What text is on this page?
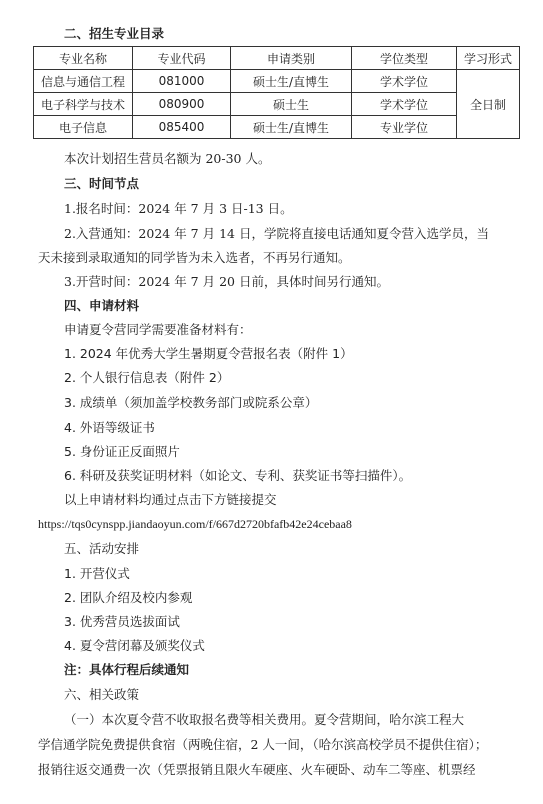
二、招生专业目录
专业名称	专业代码	申请类别	学位类型	学习形式
信息与通信工程	081000	硕士生/直博生	学术学位	全日制
电子科学与技术	080900	硕士生	学术学位	
电子信息	085400	硕士生/直博生	专业学位	
本次计划招生营员名额为 20-30 人。
三、时间节点
1.报名时间：2024 年 7 月 3 日-13 日。
2.入营通知：2024 年 7 月 14 日，学院将直接电话通知夏令营入选学员，当
天未接到录取通知的同学皆为未入选者，不再另行通知。
3.开营时间：2024 年 7 月 20 日前，具体时间另行通知。
四、申请材料
申请夏令营同学需要准备材料有：
1. 2024 年优秀大学生暑期夏令营报名表（附件 1）
2. 个人银行信息表（附件 2）
3. 成绩单（须加盖学校教务部门或院系公章）
4. 外语等级证书
5. 身份证正反面照片
6. 科研及获奖证明材料（如论文、专利、获奖证书等扫描件）。
以上申请材料均通过点击下方链接提交
https://tqs0cynspp.jiandaoyun.com/f/667d2720bfafb42e24cebaa8
五、活动安排
1. 开营仪式
2. 团队介绍及校内参观
3. 优秀营员选拔面试
4. 夏令营闭幕及颁奖仪式
注：具体行程后续通知
六、相关政策
（一）本次夏令营不收取报名费等相关费用。夏令营期间，哈尔滨工程大
学信通学院免费提供食宿（两晚住宿，2 人一间，（哈尔滨高校学员不提供住宿）；
报销往返交通费一次（凭票报销且限火车硬座、火车硬卧、动车二等座、机票经
